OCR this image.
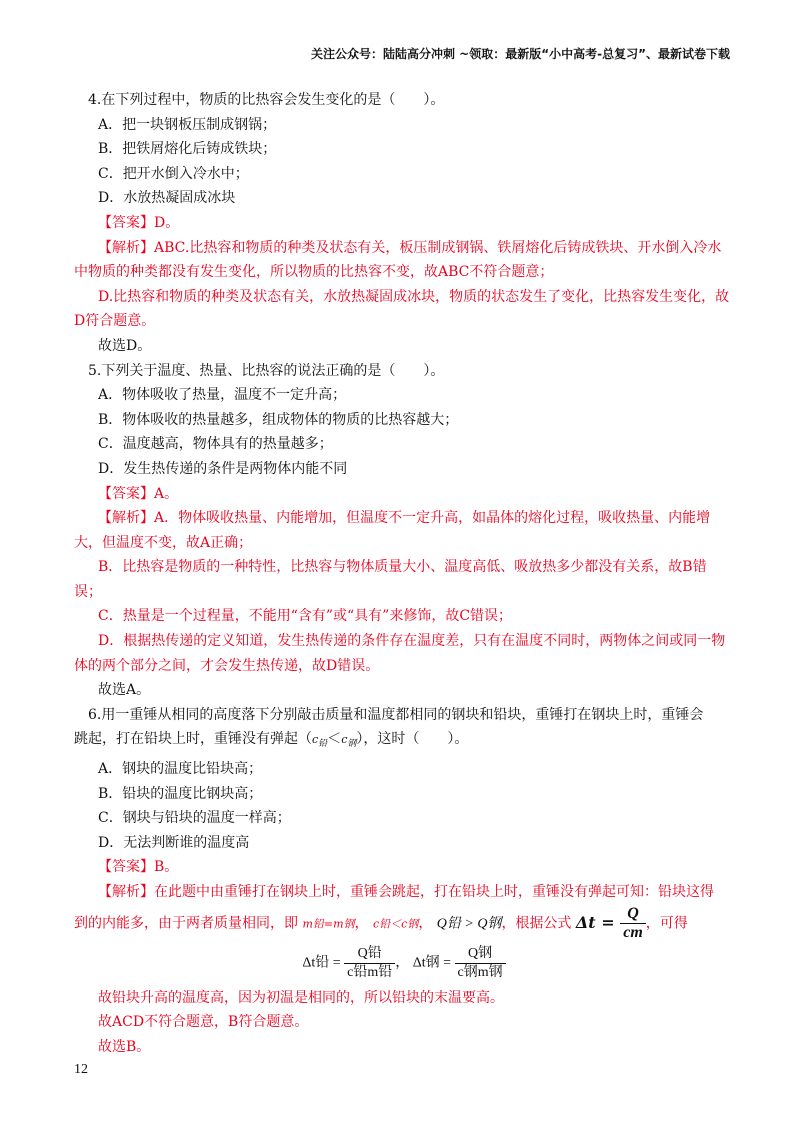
关注公众号：陆陆高分冲刺 ~领取：最新版“小中高考-总复习”、最新试卷下载
4.在下列过程中，物质的比热容会发生变化的是（　　）。
A．把一块钢板压制成钢锅；
B．把铁屑熔化后铸成铁块；
C．把开水倒入冷水中；
D．水放热凝固成冰块
【答案】D。
【解析】ABC.比热容和物质的种类及状态有关，板压制成钢锅、铁屑熔化后铸成铁块、开水倒入冷水中物质的种类都没有发生变化，所以物质的比热容不变，故ABC不符合题意；
D.比热容和物质的种类及状态有关，水放热凝固成冰块，物质的状态发生了变化，比热容发生变化，故D符合题意。
故选D。
5.下列关于温度、热量、比热容的说法正确的是（　　）。
A．物体吸收了热量，温度不一定升高；
B．物体吸收的热量越多，组成物体的物质的比热容越大；
C．温度越高，物体具有的热量越多；
D．发生热传递的条件是两物体内能不同
【答案】A。
【解析】A．物体吸收热量、内能增加，但温度不一定升高，如晶体的熔化过程，吸收热量、内能增大，但温度不变，故A正确；
B．比热容是物质的一种特性，比热容与物体质量大小、温度高低、吸放热多少都没有关系，故B错误；
C．热量是一个过程量，不能用“含有”或“具有”来修饰，故C错误；
D．根据热传递的定义知道，发生热传递的条件存在温度差，只有在温度不同时，两物体之间或同一物体的两个部分之间，才会发生热传递，故D错误。
故选A。
6.用一重锤从相同的高度落下分别敲击质量和温度都相同的钢块和铅块，重锤打在钢块上时，重锤会
跳起，打在铅块上时，重锤没有弹起$(c_铅<c_钢)$，这时（　　）。
A．钢块的温度比铅块高；
B．铅块的温度比钢块高；
C．钢块与铅块的温度一样高；
D．无法判断谁的温度高
【答案】B。
【解析】在此题中由重锤打在钢块上时，重锤会跳起，打在铅块上时，重锤没有弹起可知：铅块这得
到的内能多，由于两者质量相同，即 m铅=m钢， c铅＜c钢， Q铅 > Q钢，根据公式 $\Delta t = \frac{Q}{cm}$ ，可得
Δt铅 = $\frac{\text{Q铅}}{\text{c铅m铅}}$ ， Δt钢 = $\frac{\text{Q钢}}{\text{c钢m钢}}$
故铅块升高的温度高，因为初温是相同的，所以铅块的末温要高。
故ACD不符合题意，B符合题意。
故选B。
12
